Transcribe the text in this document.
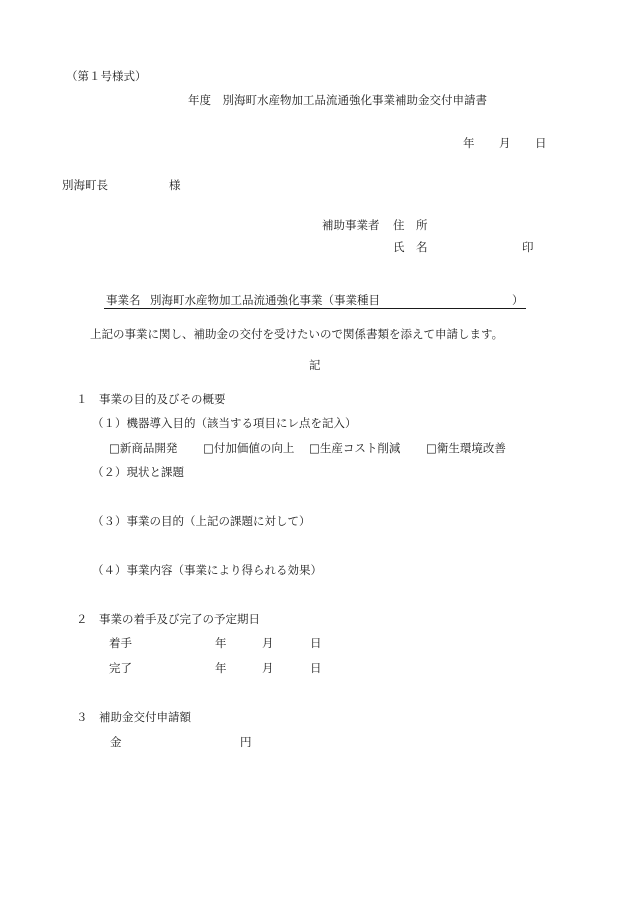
（第１号様式）
年度　別海町水産物加工品流通強化事業補助金交付申請書
年 月 日
別海町長	様
補助事業者 住　所
氏　名	印
事業名 別海町水産物加工品流通強化事業（事業種目	）
上記の事業に関し、補助金の交付を受けたいので関係書類を添えて申請します。
記
１　事業の目的及びその概要
（１）機器導入目的（該当する項目にレ点を記入）
□新商品開発 □付加価値の向上 □生産コスト削減 □衛生環境改善
（２）現状と課題
（３）事業の目的（上記の課題に対して）
（４）事業内容（事業により得られる効果）
２　事業の着手及び完了の予定期日
着手	年	月	日
完了	年	月	日
３　補助金交付申請額
金	円
